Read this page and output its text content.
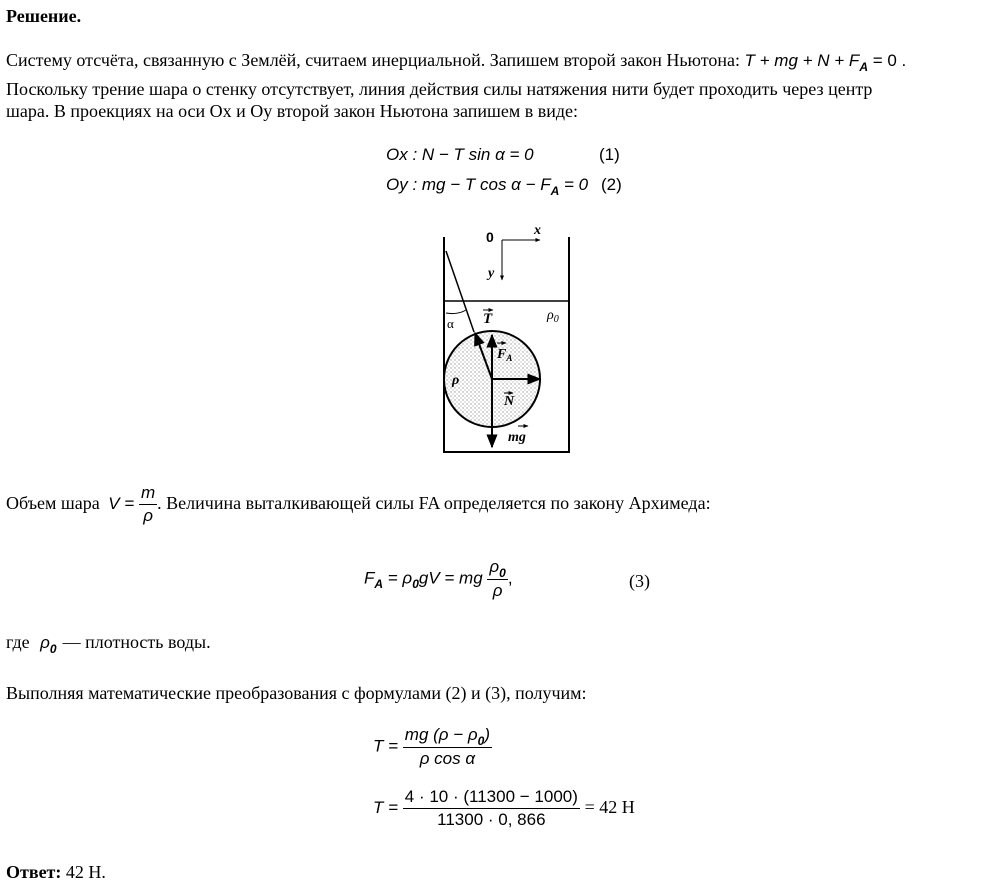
Решение.
Систему отсчёта, связанную с Землёй, считаем инерциальной. Запишем второй закон Ньютона: T + mg + $N + F_A = 0$ .
Поскольку трение шара о стенку отсутствует, линия действия силы натяжения нити будет проходить через центр
шара. В проекциях на оси Ox и Oy второй закон Ньютона запишем в виде:
Ox : N − T sin α = 0	(1)
Oy : mg − T $\cos \alpha - F_A = 0$ (2)
0	x
y
α T	$\rho_0$
$F_A$
ρ
N
mg
Объем шара $V = \frac{m}{\rho}$ . Величина выталкивающей силы FA определяется по закону Архимеда:
$F_A = \rho_0gV$ = mg $\frac{\rho_0}{\rho}$ ,	(3)
где $\rho_0$ — плотность воды.
Выполняя математические преобразования с формулами (2) и (3), получим:
$T = \frac{mg (\rho - \rho_0)}{\text{ρ cos α}}$
$T = \frac{4 \cdot 10 \cdot (11300 - 1000)}{11300 \cdot 0, 866} = 42$ Н
Ответ: 42 Н.
